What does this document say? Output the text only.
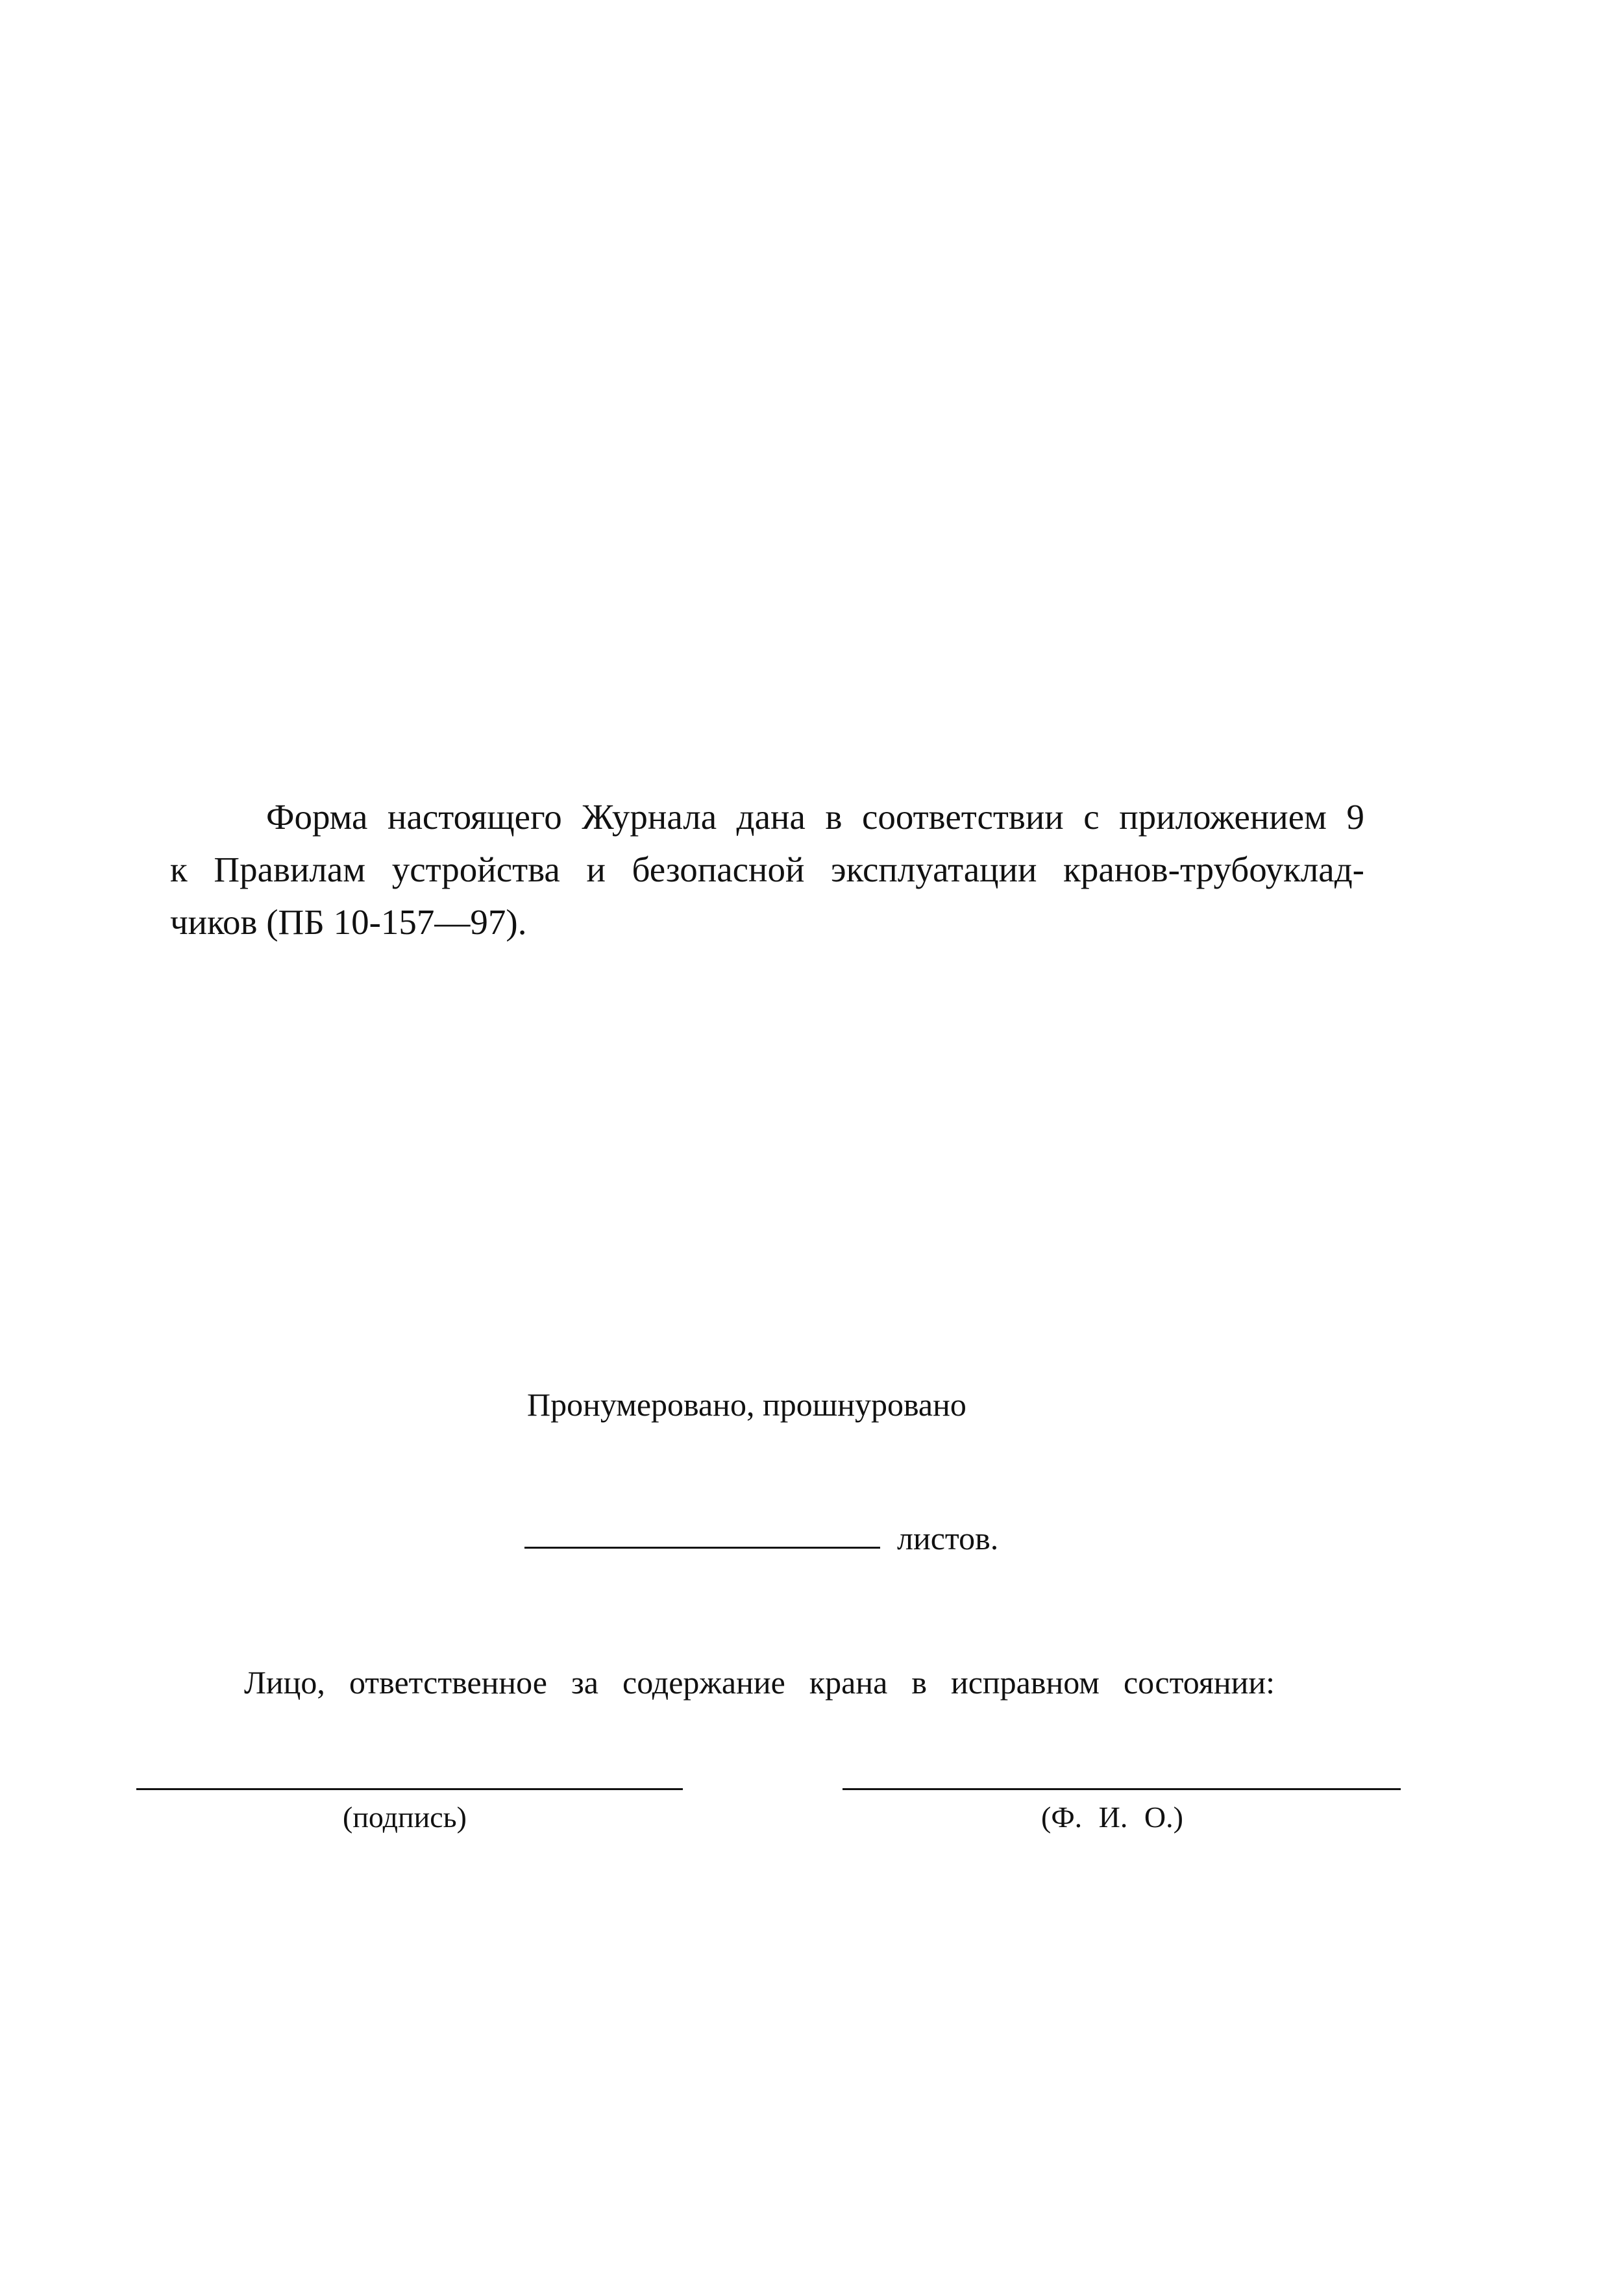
Форма настоящего Журнала дана в соответствии с приложением 9
к Правилам устройства и безопасной эксплуатации кранов-трубоуклад-
чиков (ПБ 10-157—97).
Пронумеровано, прошнуровано
листов.
Лицо, ответственное за содержание крана в исправном состоянии:
(подпись)	(Ф. И. О.)
